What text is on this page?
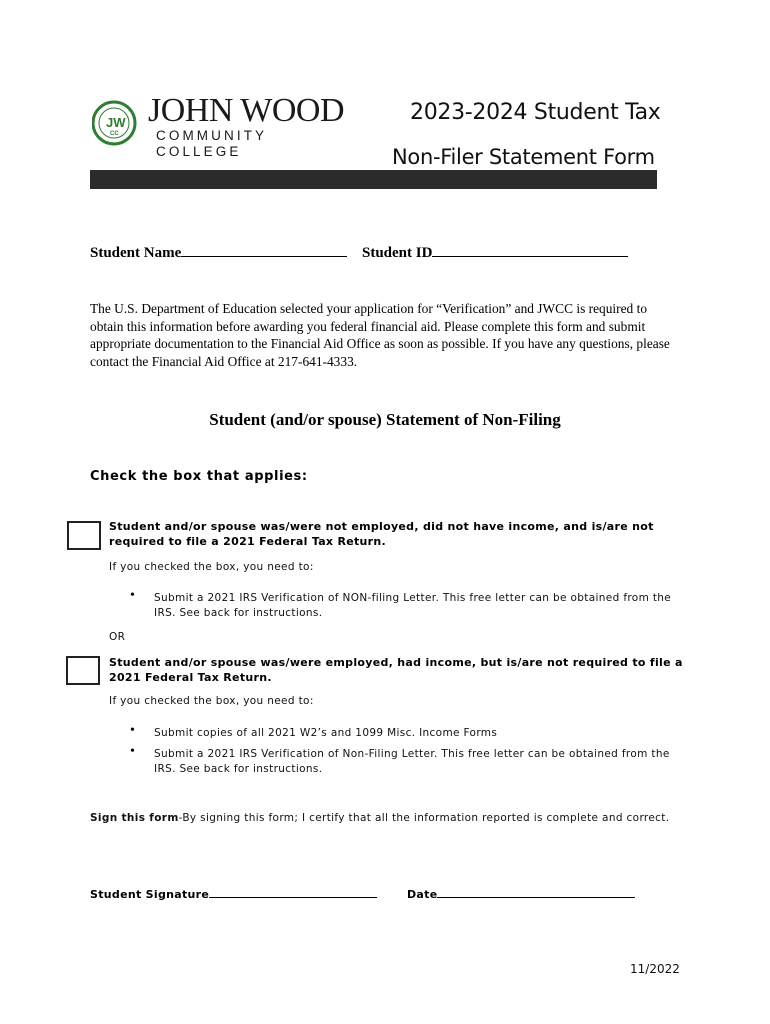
JW
CC
JOHN WOOD
COMMUNITY COLLEGE
2023-2024 Student Tax
Non-Filer Statement Form
Student Name	Student ID
The U.S. Department of Education selected your application for “Verification” and JWCC is required to obtain this information before awarding you federal financial aid. Please complete this form and submit appropriate documentation to the Financial Aid Office as soon as possible. If you have any questions, please contact the Financial Aid Office at 217-641-4333.
Student (and/or spouse) Statement of Non-Filing
Check the box that applies:
Student and/or spouse was/were not employed, did not have income, and is/are not required to file a 2021 Federal Tax Return.
If you checked the box, you need to:
• Submit a 2021 IRS Verification of NON-filing Letter. This free letter can be obtained from the IRS. See back for instructions.
OR
Student and/or spouse was/were employed, had income, but is/are not required to file a 2021 Federal Tax Return.
If you checked the box, you need to:
• Submit copies of all 2021 W2’s and 1099 Misc. Income Forms
• Submit a 2021 IRS Verification of Non-Filing Letter. This free letter can be obtained from the IRS. See back for instructions.
Sign this form-By signing this form; I certify that all the information reported is complete and correct.
Student Signature	Date
11/2022
